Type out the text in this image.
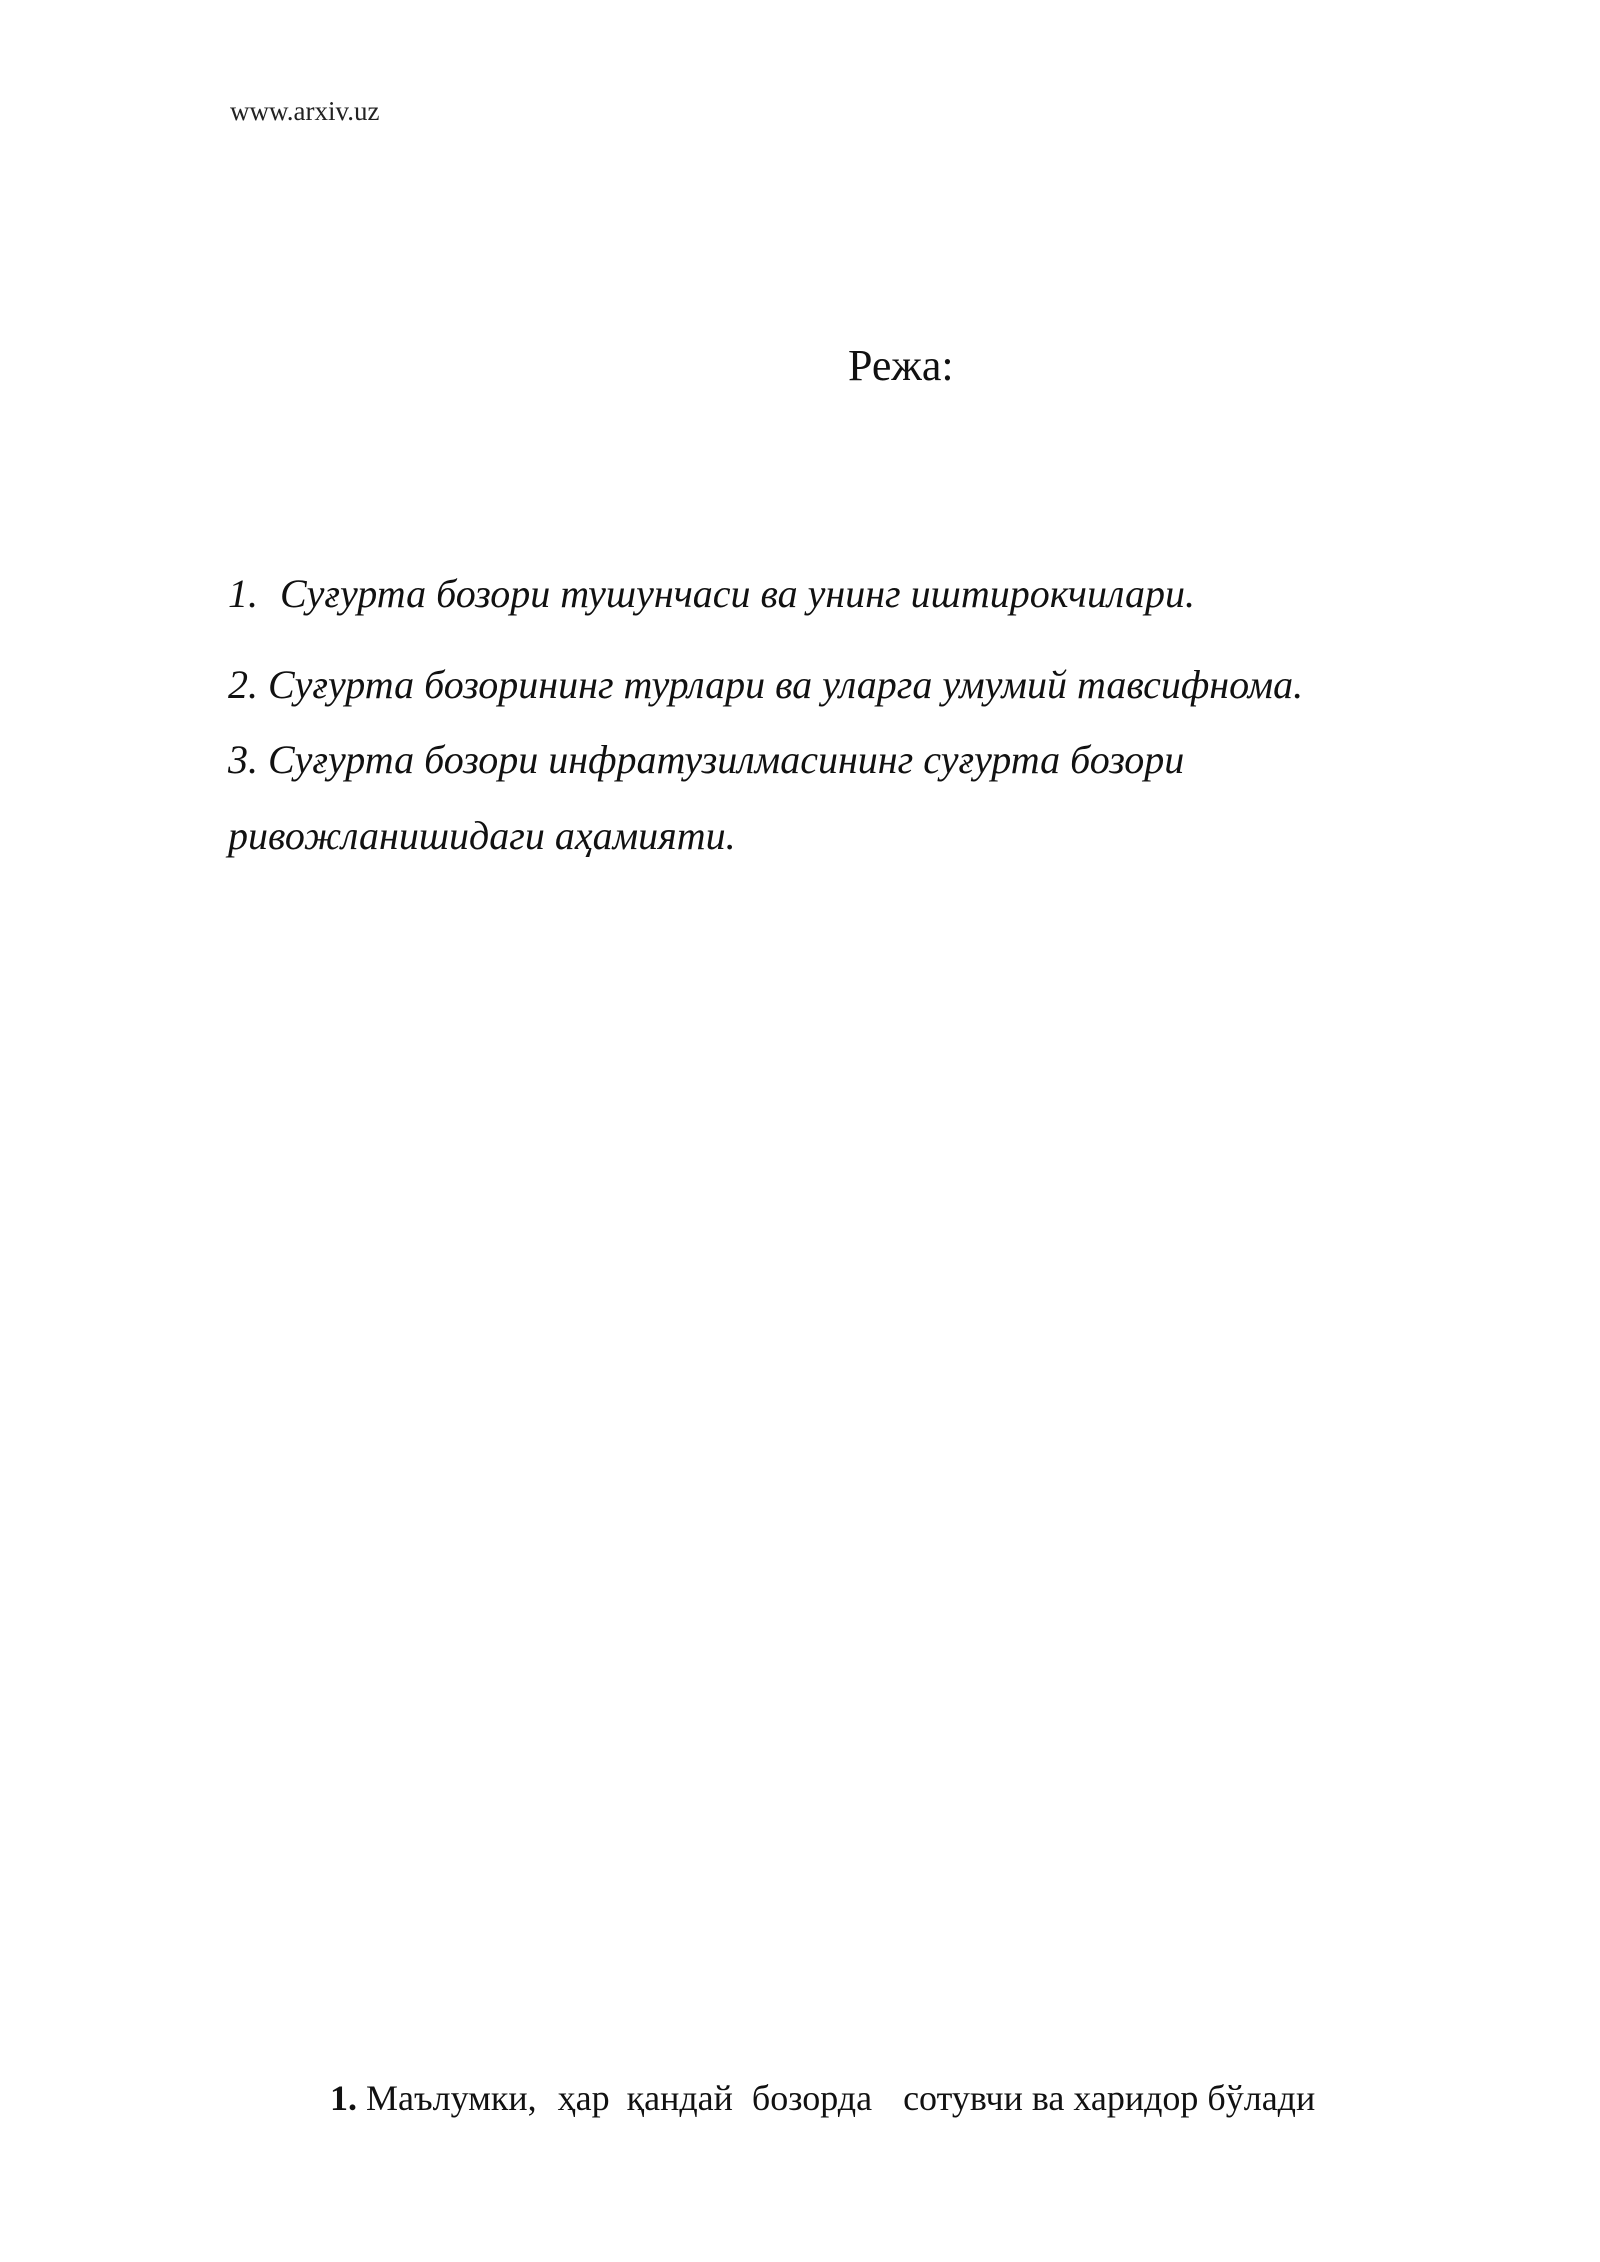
www.arxiv.uz
Режа:
1. Суғурта бозори тушунчаси ва унинг иштирокчилари.
2. Суғурта бозорининг турлари ва уларга умумий тавсифнома.
3. Суғурта бозори инфратузилмасининг суғурта бозори
ривожланишидаги аҳамияти.
1. Маълумки, ҳар қандай бозорда сотувчи ва харидор бўлади
